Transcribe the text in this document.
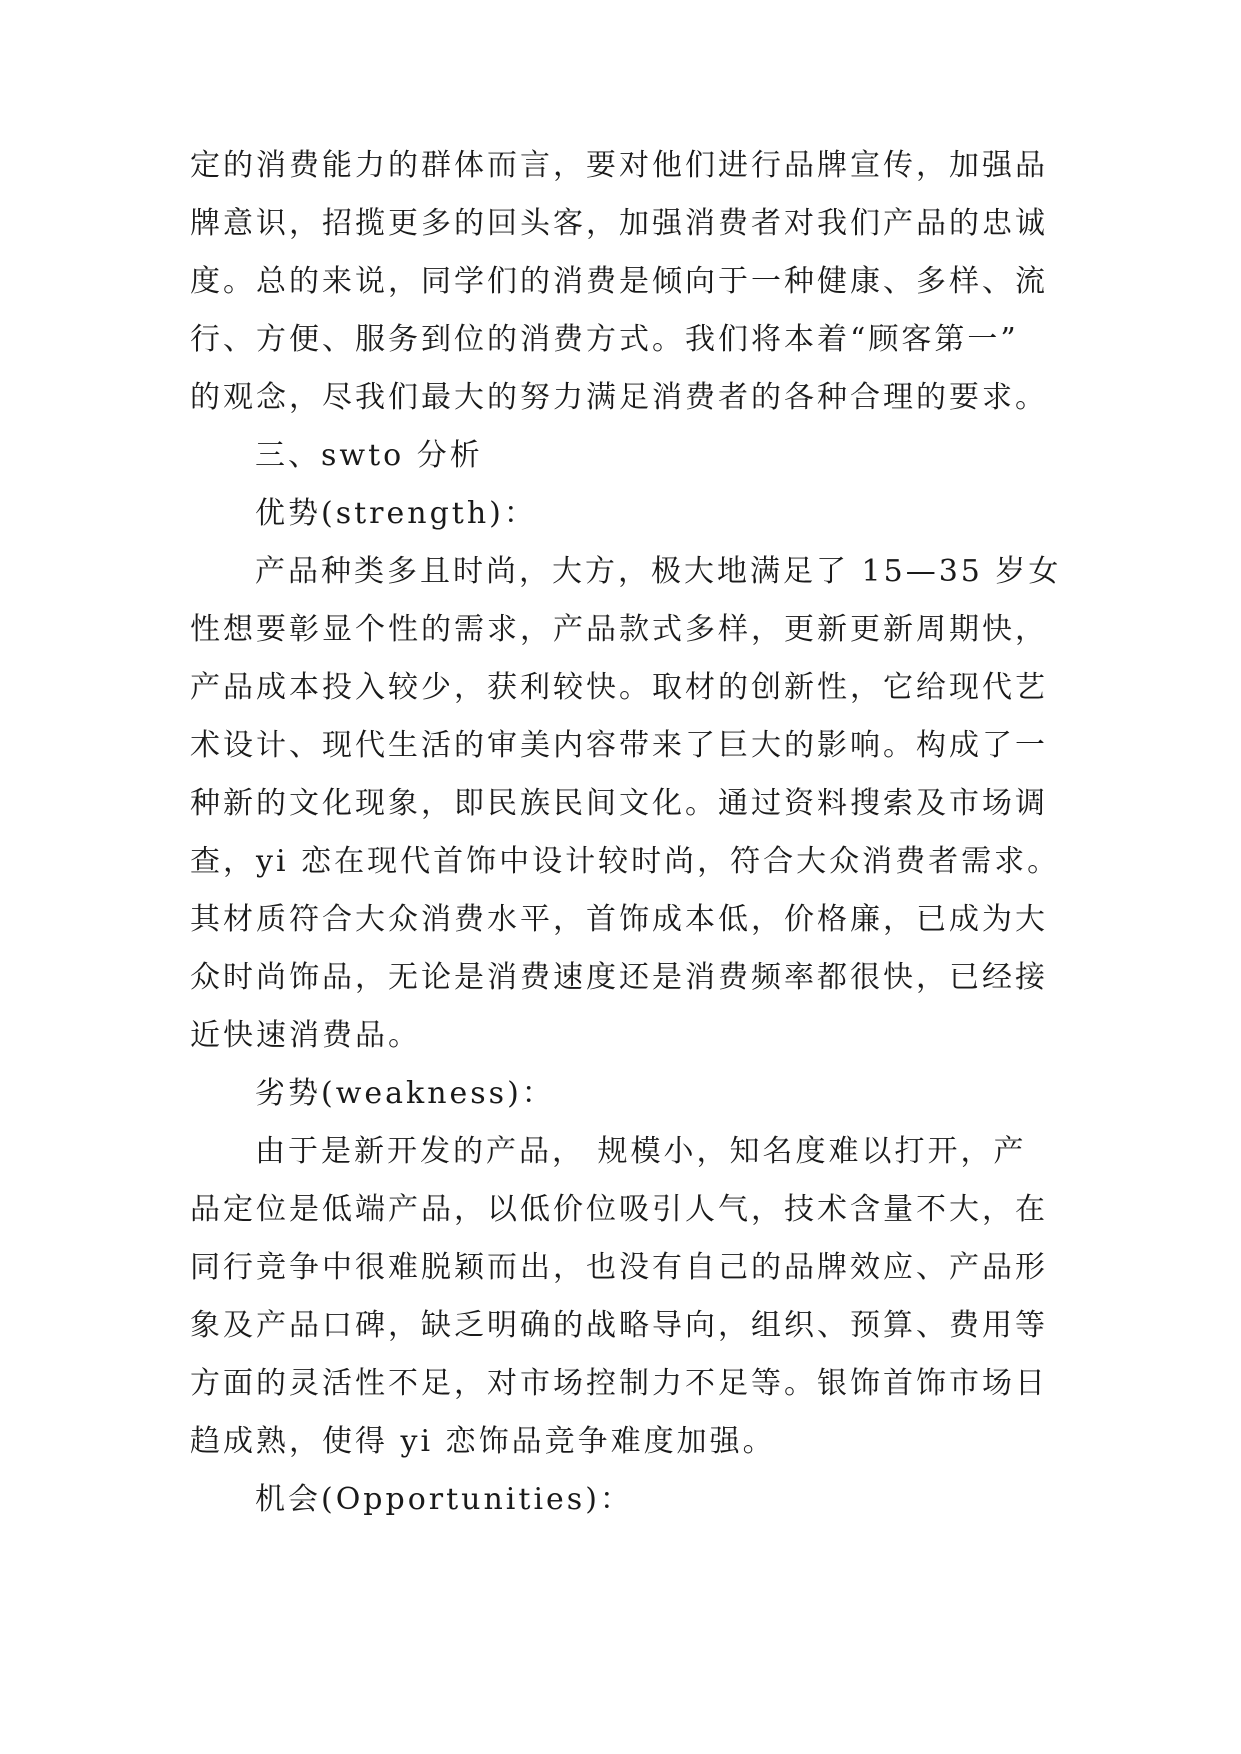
定的消费能力的群体而言，要对他们进行品牌宣传，加强品
牌意识，招揽更多的回头客，加强消费者对我们产品的忠诚
度。总的来说，同学们的消费是倾向于一种健康、多样、流
行、方便、服务到位的消费方式。我们将本着“顾客第一”
的观念，尽我们最大的努力满足消费者的各种合理的要求。
三、swto 分析
优势(strength)：
产品种类多且时尚，大方，极大地满足了 15—35 岁女
性想要彰显个性的需求，产品款式多样，更新更新周期快，
产品成本投入较少，获利较快。取材的创新性，它给现代艺
术设计、现代生活的审美内容带来了巨大的影响。构成了一
种新的文化现象，即民族民间文化。通过资料搜索及市场调
查，yi 恋在现代首饰中设计较时尚，符合大众消费者需求。
其材质符合大众消费水平，首饰成本低，价格廉，已成为大
众时尚饰品，无论是消费速度还是消费频率都很快，已经接
近快速消费品。
劣势(weakness)：
由于是新开发的产品， 规模小，知名度难以打开，产
品定位是低端产品，以低价位吸引人气，技术含量不大，在
同行竞争中很难脱颖而出，也没有自己的品牌效应、产品形
象及产品口碑，缺乏明确的战略导向，组织、预算、费用等
方面的灵活性不足，对市场控制力不足等。银饰首饰市场日
趋成熟，使得 yi 恋饰品竞争难度加强。
机会(Opportunities)：
